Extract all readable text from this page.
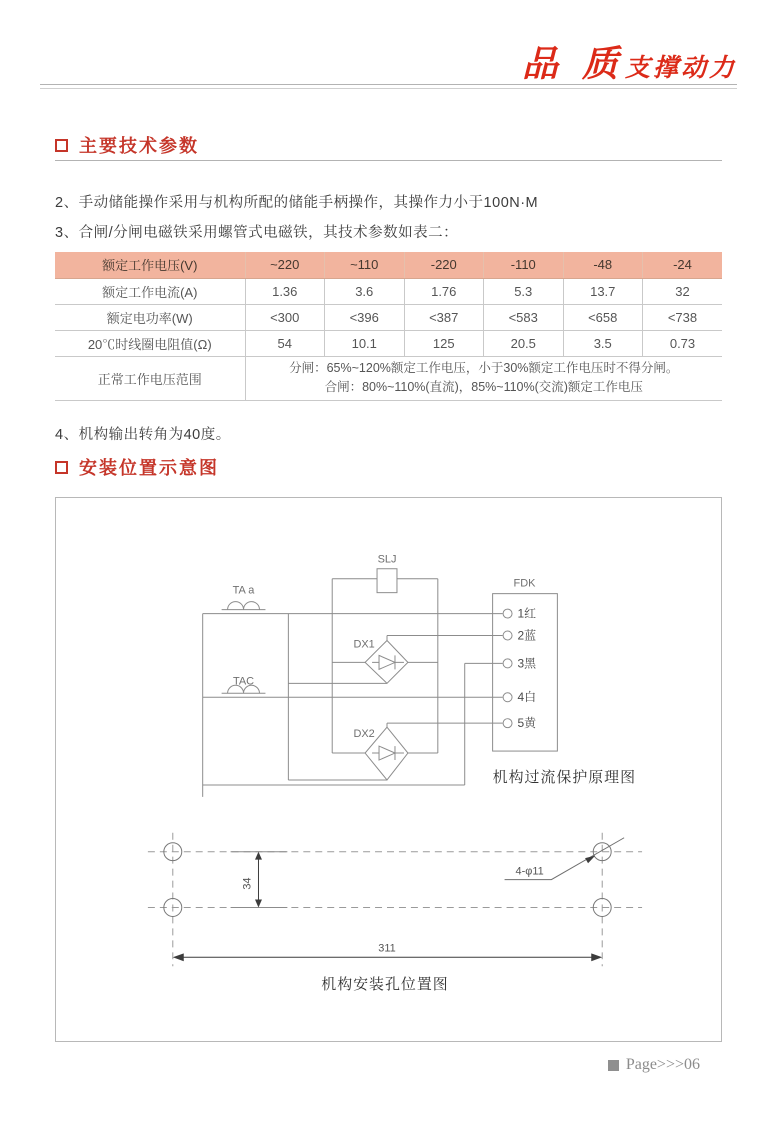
品 质支撑动力
主要技术参数
2、手动储能操作采用与机构所配的储能手柄操作，其操作力小于100N·M
3、合闸/分闸电磁铁采用螺管式电磁铁，其技术参数如表二：
额定工作电压(V)	~220	~110	-220	-110	-48	-24
额定工作电流(A)	1.36	3.6	1.76	5.3	13.7	32
额定电功率(W)	<300	<396	<387	<583	<658	<738
20℃时线圈电阻值(Ω)	54	10.1	125	20.5	3.5	0.73
正常工作电压范围	分闸：65%~120%额定工作电压，小于30%额定工作电压时不得分闸。
合闸：80%~110%(直流)，85%~110%(交流)额定工作电压					
4、机构输出转角为40度。
安装位置示意图
SLJ
FDK
TA a
TAC
DX1
DX2
1红
2蓝
3黑
4白
5黄
机构过流保护原理图
34
311
4-φ11
机构安装孔位置图
Page>>>06
